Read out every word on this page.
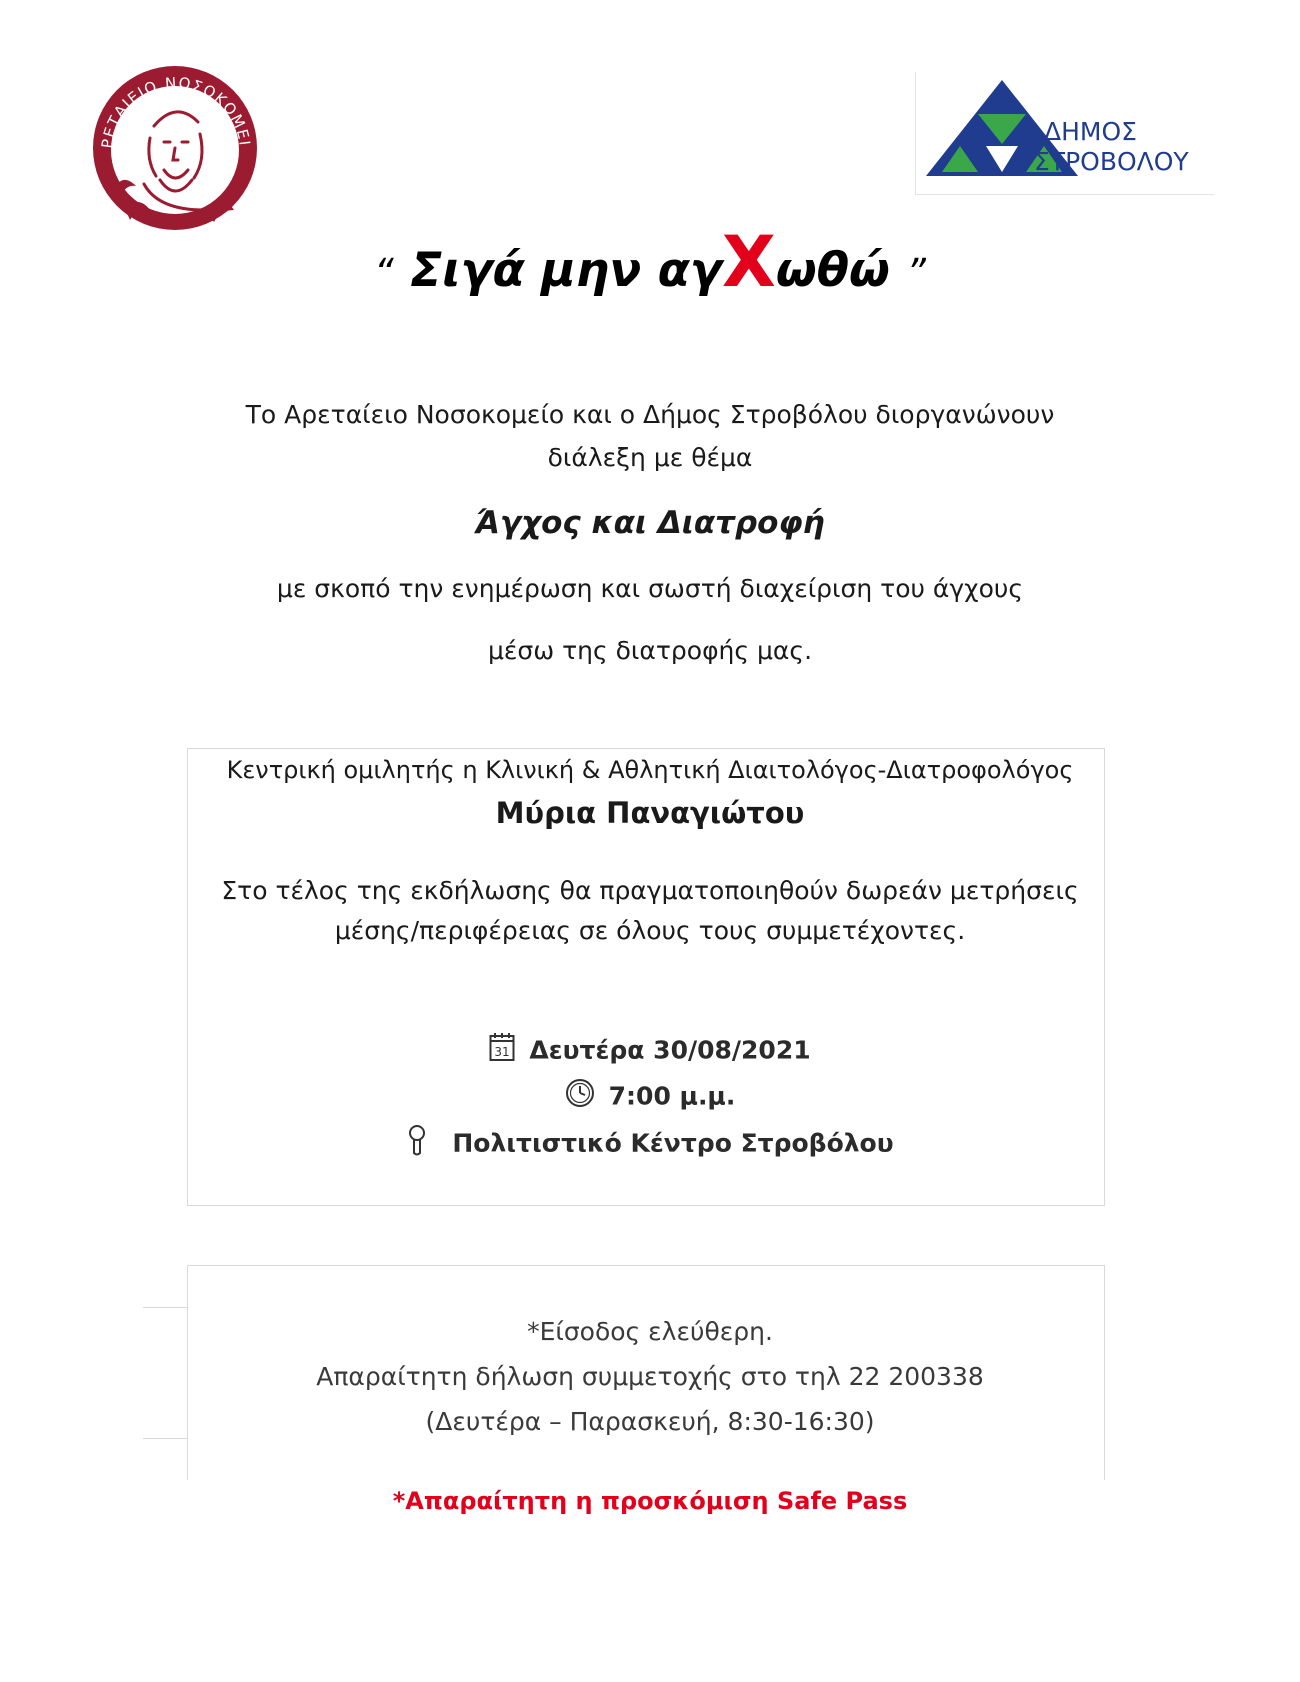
ΡΕΤΑΙΕΙΟ ΝΟΣΟΚΟΜΕΙ	ΔΗΜΟΣ
ΣΤΡΟΒΟΛΟΥ
“ Σιγά μην αγΧωθώ ”
Το Αρεταίειο Νοσοκομείο και ο Δήμος Στροβόλου διοργανώνουν
διάλεξη με θέμα
Άγχος και Διατροφή
με σκοπό την ενημέρωση και σωστή διαχείριση του άγχους
μέσω της διατροφής μας.
Κεντρική ομιλητής η Κλινική & Αθλητική Διαιτολόγος-Διατροφολόγος
Μύρια Παναγιώτου
Στο τέλος της εκδήλωσης θα πραγματοποιηθούν δωρεάν μετρήσεις
μέσης/περιφέρειας σε όλους τους συμμετέχοντες.
31 Δευτέρα 30/08/2021
7:00 μ.μ.
Πολιτιστικό Κέντρο Στροβόλου
*Είσοδος ελεύθερη.
Απαραίτητη δήλωση συμμετοχής στο τηλ 22 200338
(Δευτέρα – Παρασκευή, 8:30-16:30)
*Απαραίτητη η προσκόμιση Safe Pass
